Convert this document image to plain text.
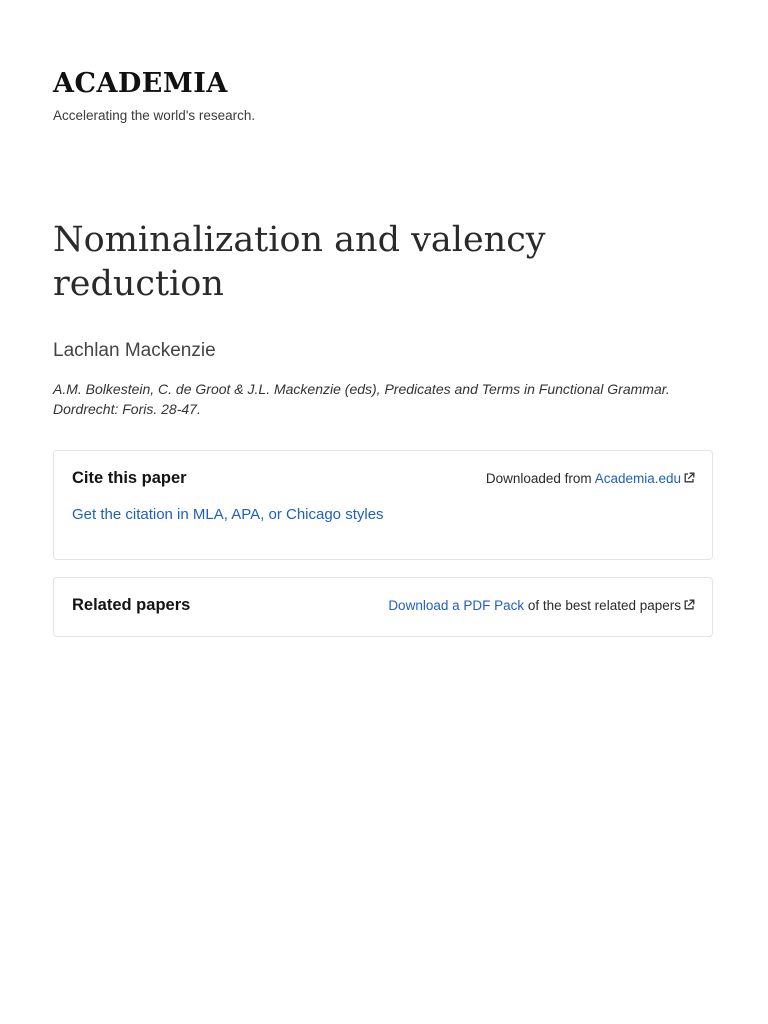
ACADEMIA
Accelerating the world's research.
Nominalization and valency reduction
Lachlan Mackenzie
A.M. Bolkestein, C. de Groot & J.L. Mackenzie (eds), Predicates and Terms in Functional Grammar. Dordrecht: Foris. 28-47.
Cite this paper	Downloaded from Academia.edu
Get the citation in MLA, APA, or Chicago styles
Related papers	Download a PDF Pack of the best related papers
